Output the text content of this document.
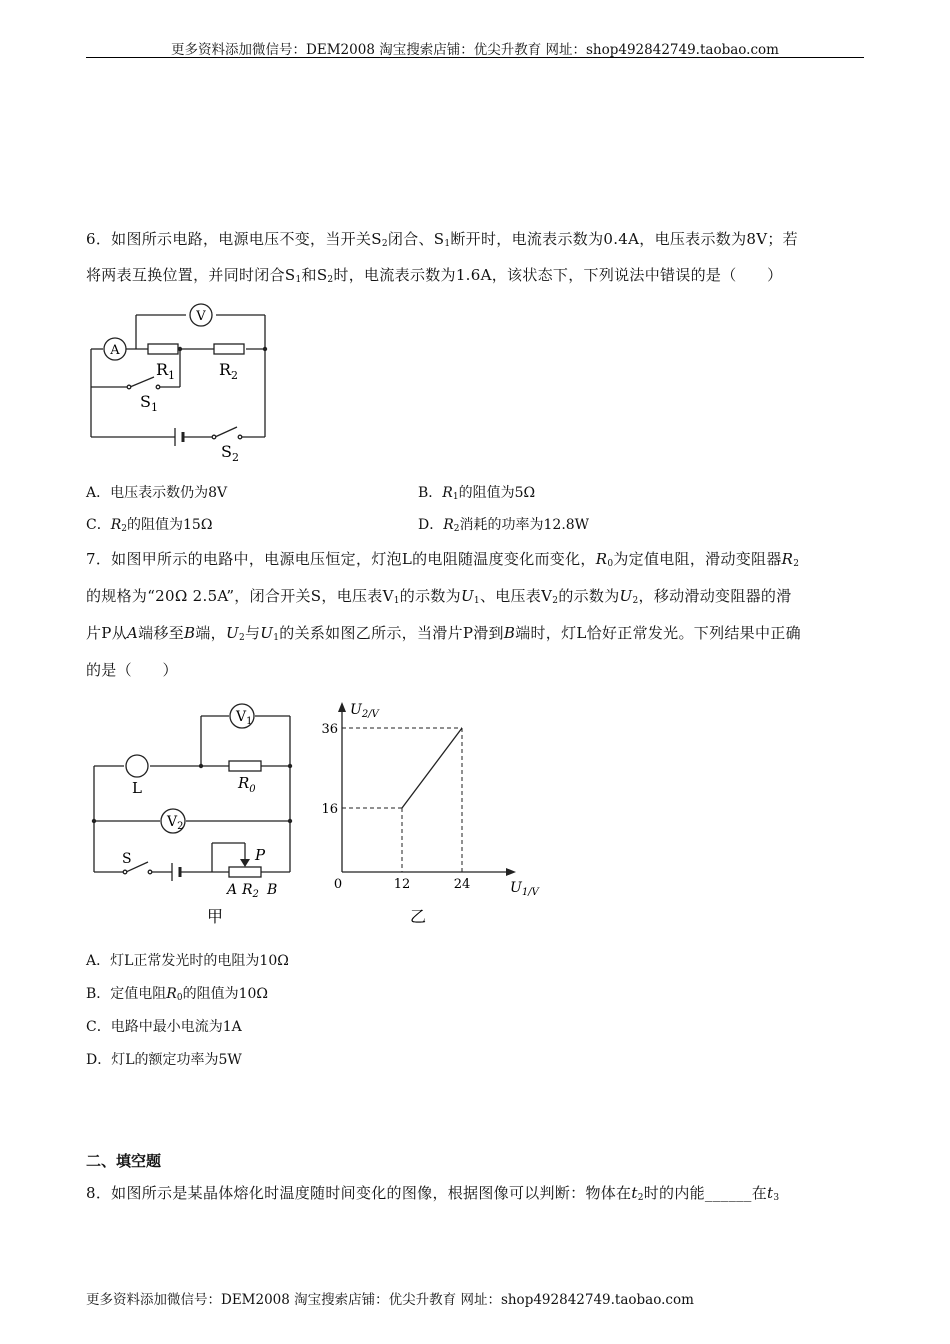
更多资料添加微信号：DEM2008 淘宝搜索店铺：优尖升教育 网址：shop492842749.taobao.com
6．如图所示电路，电源电压不变，当开关$S_2$闭合、$S_1$断开时，电流表示数为0.4A，电压表示数为8V；若
将两表互换位置，并同时闭合$S_1$和$S_2$时，电流表示数为1.6A，该状态下，下列说法中错误的是（　　）
V
A
$R_1$	$R_2$
$S_1$
$S_2$
A．电压表示数仍为8V	B．$R_1$的阻值为5Ω
C．$R_2$的阻值为15Ω	D．$R_2$消耗的功率为12.8W
7．如图甲所示的电路中，电源电压恒定，灯泡L的电阻随温度变化而变化，$R_0$为定值电阻，滑动变阻器$R_2$
的规格为“20Ω 2.5A”，闭合开关S，电压表$V_1$的示数为$U_1$、电压表$V_2$的示数为$U_2$，移动滑动变阻器的滑
片P从A端移至B端，$U_2$与$U_1$的关系如图乙所示，当滑片P滑到B端时，灯L恰好正常发光。下列结果中正确
的是（　　）
$V_1$
$V_2$
L	$R_0$
S	P
A $R_2$ B
甲
0	12	24
16
36
$U_{2/V}$
$U_{1/V}$
乙
A．灯L正常发光时的电阻为10Ω
B．定值电阻$R_0$的阻值为10Ω
C．电路中最小电流为1A
D．灯L的额定功率为5W
二、填空题
8．如图所示是某晶体熔化时温度随时间变化的图像，根据图像可以判断：物体在$t_2$时的内能______在$t_3$
更多资料添加微信号：DEM2008 淘宝搜索店铺：优尖升教育 网址：shop492842749.taobao.com
